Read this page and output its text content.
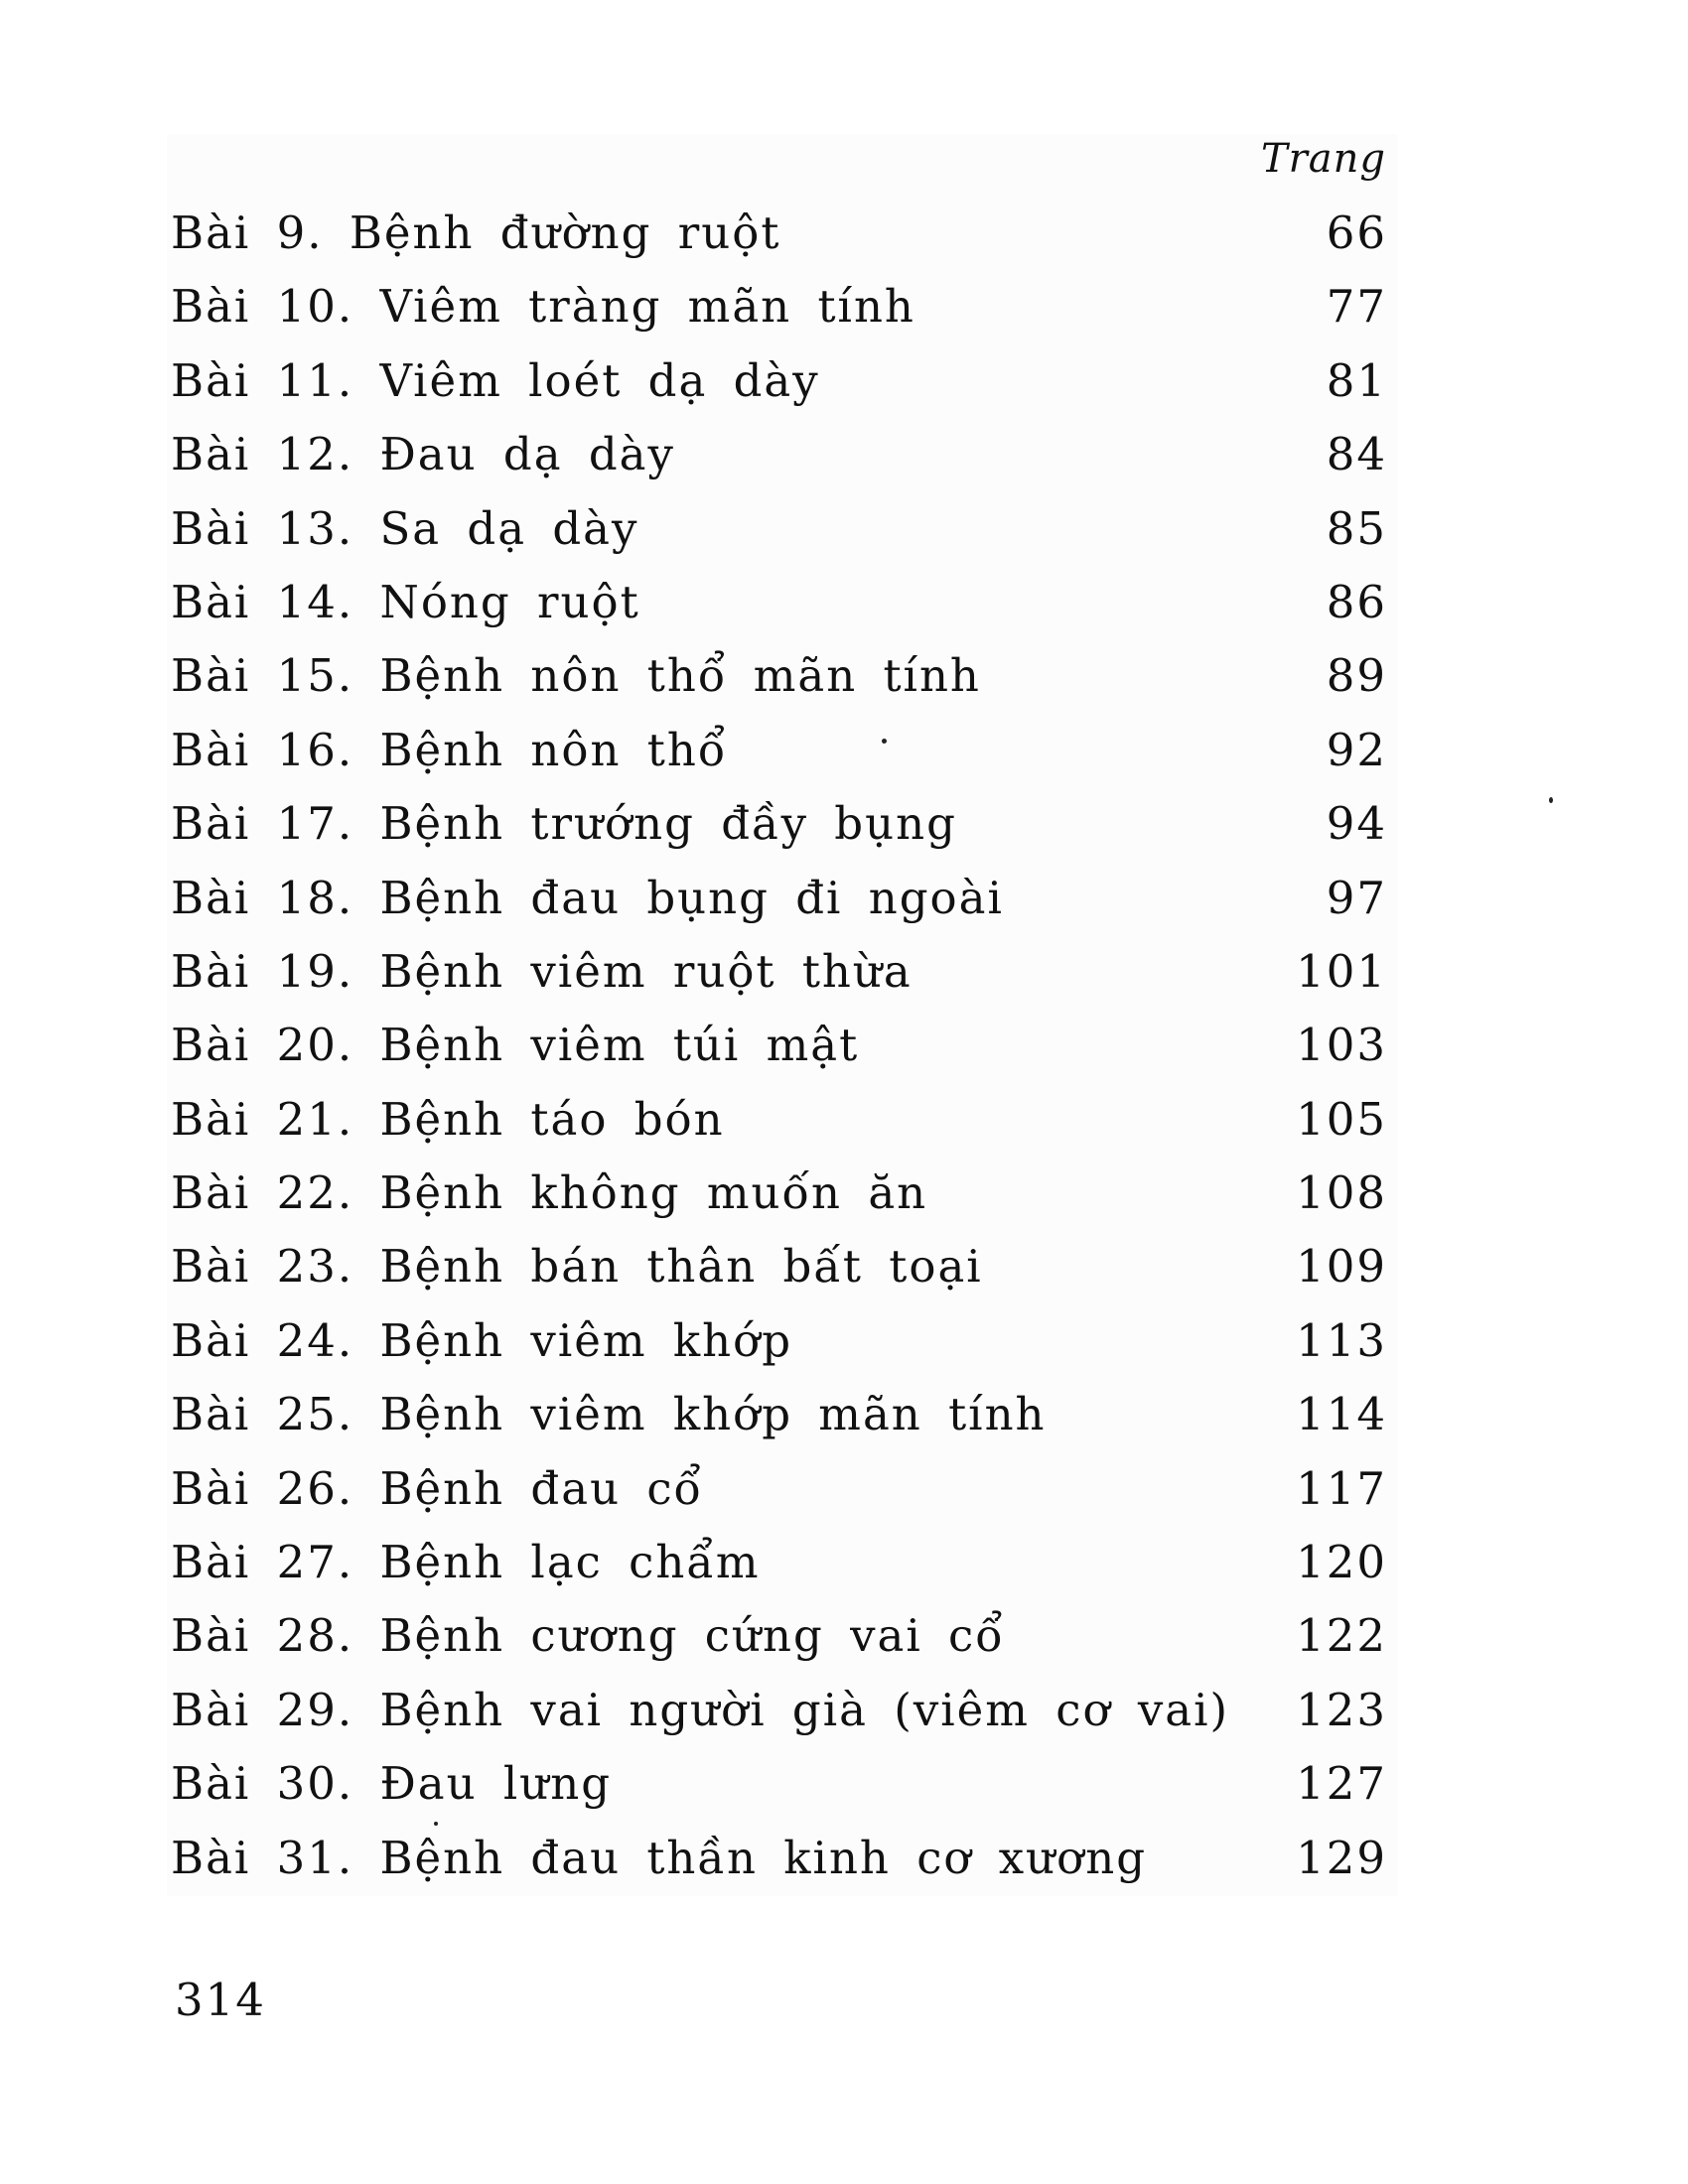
Trang
Bài 9. Bệnh đường ruột	66
Bài 10. Viêm tràng mãn tính	77
Bài 11. Viêm loét dạ dày	81
Bài 12. Đau dạ dày	84
Bài 13. Sa dạ dày	85
Bài 14. Nóng ruột	86
Bài 15. Bệnh nôn thổ mãn tính	89
Bài 16. Bệnh nôn thổ	92
Bài 17. Bệnh trướng đầy bụng	94
Bài 18. Bệnh đau bụng đi ngoài	97
Bài 19. Bệnh viêm ruột thừa	101
Bài 20. Bệnh viêm túi mật	103
Bài 21. Bệnh táo bón	105
Bài 22. Bệnh không muốn ăn	108
Bài 23. Bệnh bán thân bất toại	109
Bài 24. Bệnh viêm khớp	113
Bài 25. Bệnh viêm khớp mãn tính	114
Bài 26. Bệnh đau cổ	117
Bài 27. Bệnh lạc chẩm	120
Bài 28. Bệnh cương cứng vai cổ	122
Bài 29. Bệnh vai người già (viêm cơ vai) 123
Bài 30. Đau lưng	127
Bài 31. Bệnh đau thần kinh cơ xương	129
314
